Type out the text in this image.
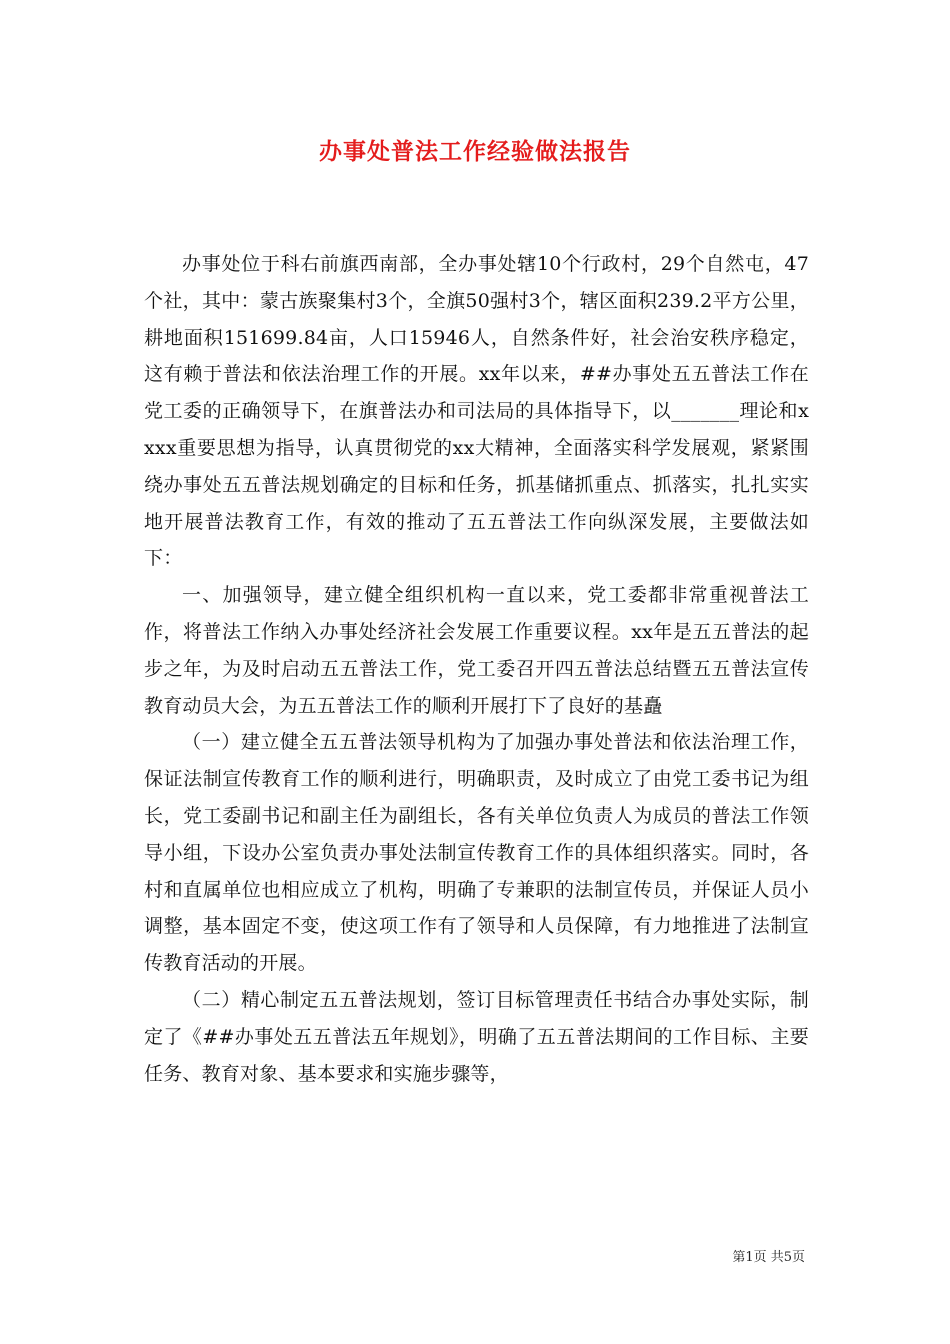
办事处普法工作经验做法报告

办事处位于科右前旗西南部，全办事处辖10个行政村，29个自然屯，47个社，其中：蒙古族聚集村3个，全旗50强村3个，辖区面积239.2平方公里，耕地面积151699.84亩，人口15946人，自然条件好，社会治安秩序稳定，这有赖于普法和依法治理工作的开展。xx年以来，##办事处五五普法工作在党工委的正确领导下，在旗普法办和司法局的具体指导下，以_______理论和xxxx重要思想为指导，认真贯彻党的xx大精神，全面落实科学发展观，紧紧围绕办事处五五普法规划确定的目标和任务，抓基储抓重点、抓落实，扎扎实实地开展普法教育工作，有效的推动了五五普法工作向纵深发展，主要做法如下：

一、加强领导，建立健全组织机构一直以来，党工委都非常重视普法工作，将普法工作纳入办事处经济社会发展工作重要议程。xx年是五五普法的起步之年，为及时启动五五普法工作，党工委召开四五普法总结暨五五普法宣传教育动员大会，为五五普法工作的顺利开展打下了良好的基矗

（一）建立健全五五普法领导机构为了加强办事处普法和依法治理工作，保证法制宣传教育工作的顺利进行，明确职责，及时成立了由党工委书记为组长，党工委副书记和副主任为副组长，各有关单位负责人为成员的普法工作领导小组，下设办公室负责办事处法制宣传教育工作的具体组织落实。同时，各村和直属单位也相应成立了机构，明确了专兼职的法制宣传员，并保证人员小调整，基本固定不变，使这项工作有了领导和人员保障，有力地推进了法制宣传教育活动的开展。

（二）精心制定五五普法规划，签订目标管理责任书结合办事处实际，制定了《##办事处五五普法五年规划》，明确了五五普法期间的工作目标、主要任务、教育对象、基本要求和实施步骤等，

第1页 共5页
